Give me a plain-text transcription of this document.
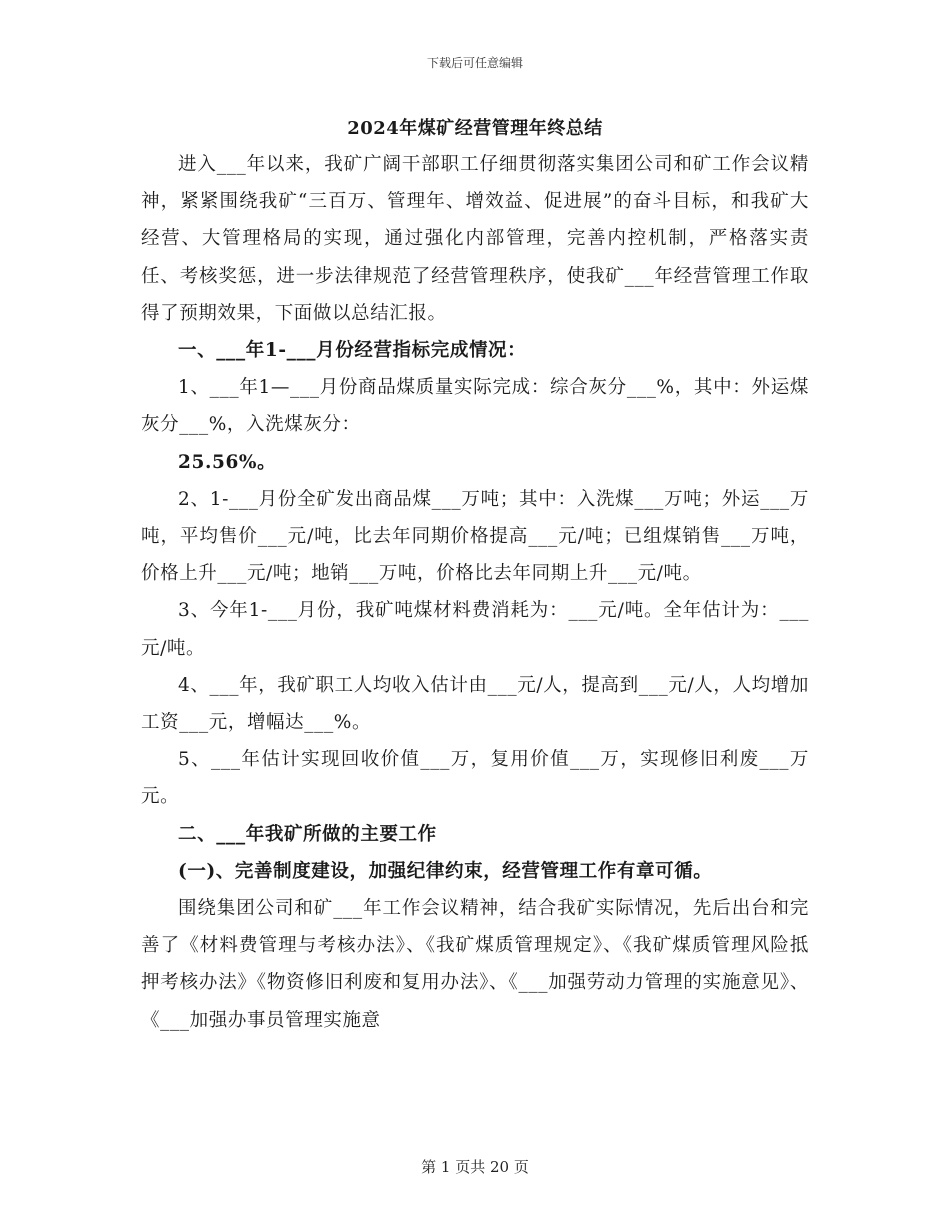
下载后可任意编辑
2024年煤矿经营管理年终总结

进入___年以来，我矿广阔干部职工仔细贯彻落实集团公司和矿工作会议精神，紧紧围绕我矿“三百万、管理年、增效益、促进展”的奋斗目标，和我矿大经营、大管理格局的实现，通过强化内部管理，完善内控机制，严格落实责任、考核奖惩，进一步法律规范了经营管理秩序，使我矿___年经营管理工作取得了预期效果，下面做以总结汇报。

一、___年1-___月份经营指标完成情况：

1、___年1—___月份商品煤质量实际完成：综合灰分___%，其中：外运煤灰分___%，入洗煤灰分：

25.56%。

2、1-___月份全矿发出商品煤___万吨；其中：入洗煤___万吨；外运___万吨，平均售价___元/吨，比去年同期价格提高___元/吨；已组煤销售___万吨，价格上升___元/吨；地销___万吨，价格比去年同期上升___元/吨。

3、今年1-___月份，我矿吨煤材料费消耗为：___元/吨。全年估计为：___元/吨。

4、___年，我矿职工人均收入估计由___元/人，提高到___元/人，人均增加工资___元，增幅达___%。

5、___年估计实现回收价值___万，复用价值___万，实现修旧利废___万元。

二、___年我矿所做的主要工作

(一)、完善制度建设，加强纪律约束，经营管理工作有章可循。

围绕集团公司和矿___年工作会议精神，结合我矿实际情况，先后出台和完善了《材料费管理与考核办法》、《我矿煤质管理规定》、《我矿煤质管理风险抵押考核办法》《物资修旧利废和复用办法》、《___加强劳动力管理的实施意见》、《___加强办事员管理实施意

第 1 页共 20 页
